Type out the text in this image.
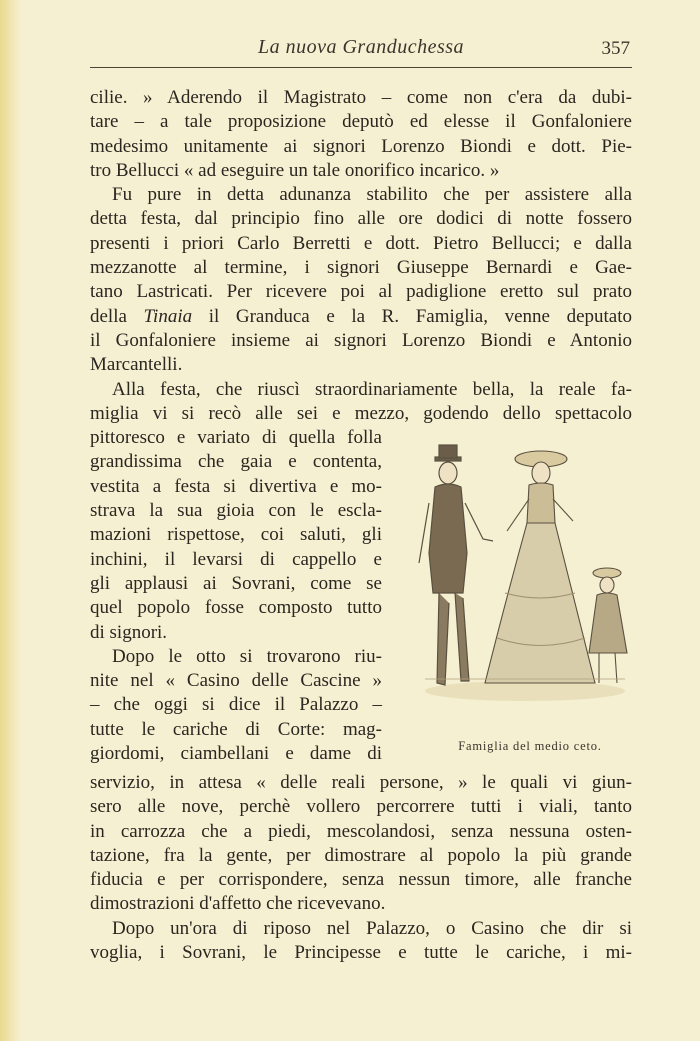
La nuova Granduchessa	357
cilie. » Aderendo il Magistrato – come non c'era da dubi-
tare – a tale proposizione deputò ed elesse il Gonfaloniere
medesimo unitamente ai signori Lorenzo Biondi e dott. Pie-
tro Bellucci « ad eseguire un tale onorifico incarico. »
Fu pure in detta adunanza stabilito che per assistere alla
detta festa, dal principio fino alle ore dodici di notte fossero
presenti i priori Carlo Berretti e dott. Pietro Bellucci; e dalla
mezzanotte al termine, i signori Giuseppe Bernardi e Gae-
tano Lastricati. Per ricevere poi al padiglione eretto sul prato
della Tinaia il Granduca e la R. Famiglia, venne deputato
il Gonfaloniere insieme ai signori Lorenzo Biondi e Antonio
Marcantelli.
Alla festa, che riuscì straordinariamente bella, la reale fa-
miglia vi si recò alle sei e mezzo, godendo dello spettacolo
pittoresco e variato di quella folla
grandissima che gaia e contenta,
vestita a festa si divertiva e mo-
strava la sua gioia con le escla-
mazioni rispettose, coi saluti, gli
inchini, il levarsi di cappello e
gli applausi ai Sovrani, come se
quel popolo fosse composto tutto
di signori.
Dopo le otto si trovarono riu-
nite nel « Casino delle Cascine »
– che oggi si dice il Palazzo –
tutte le cariche di Corte: mag-
giordomi, ciambellani e dame di	Famiglia del medio ceto.
servizio, in attesa « delle reali persone, » le quali vi giun-
sero alle nove, perchè vollero percorrere tutti i viali, tanto
in carrozza che a piedi, mescolandosi, senza nessuna osten-
tazione, fra la gente, per dimostrare al popolo la più grande
fiducia e per corrispondere, senza nessun timore, alle franche
dimostrazioni d'affetto che ricevevano.
Dopo un'ora di riposo nel Palazzo, o Casino che dir si
voglia, i Sovrani, le Principesse e tutte le cariche, i mi-
